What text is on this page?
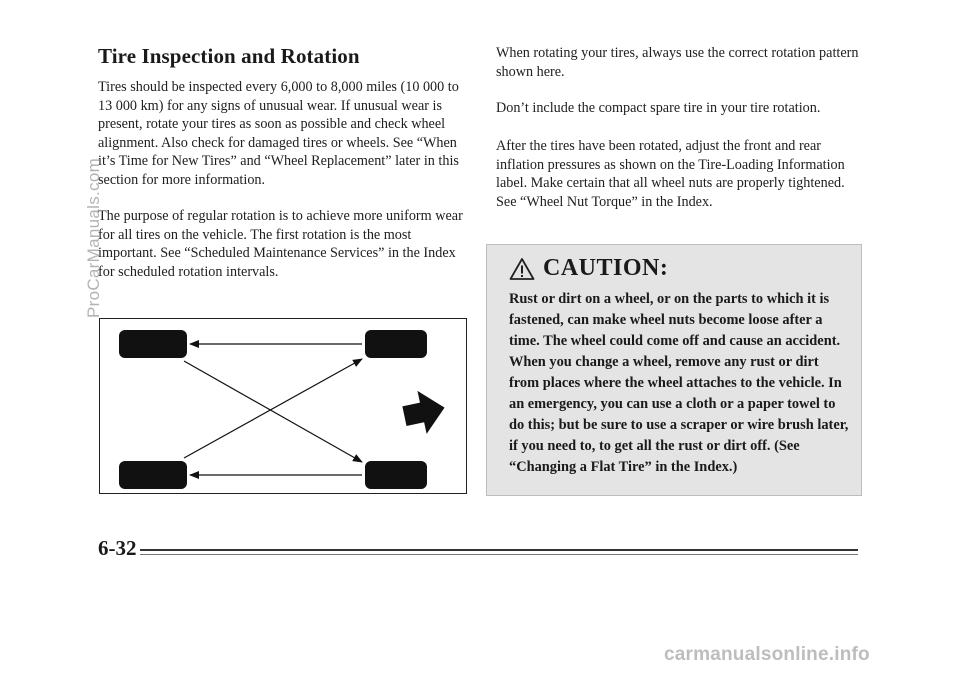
Tire Inspection and Rotation

Tires should be inspected every 6,000 to 8,000 miles (10 000 to 13 000 km) for any signs of unusual wear. If unusual wear is present, rotate your tires as soon as possible and check wheel alignment. Also check for damaged tires or wheels. See “When it’s Time for New Tires” and “Wheel Replacement” later in this section for more information.

The purpose of regular rotation is to achieve more uniform wear for all tires on the vehicle. The first rotation is the most important. See “Scheduled Maintenance Services” in the Index for scheduled rotation intervals.

When rotating your tires, always use the correct rotation pattern shown here.

Don’t include the compact spare tire in your tire rotation.

After the tires have been rotated, adjust the front and rear inflation pressures as shown on the Tire-Loading Information label. Make certain that all wheel nuts are properly tightened. See “Wheel Nut Torque” in the Index.

CAUTION:

Rust or dirt on a wheel, or on the parts to which it is fastened, can make wheel nuts become loose after a time. The wheel could come off and cause an accident. When you change a wheel, remove any rust or dirt from places where the wheel attaches to the vehicle. In an emergency, you can use a cloth or a paper towel to do this; but be sure to use a scraper or wire brush later, if you need to, to get all the rust or dirt off. (See “Changing a Flat Tire” in the Index.)

6-32
ProCarManuals.com
carmanualsonline.info
